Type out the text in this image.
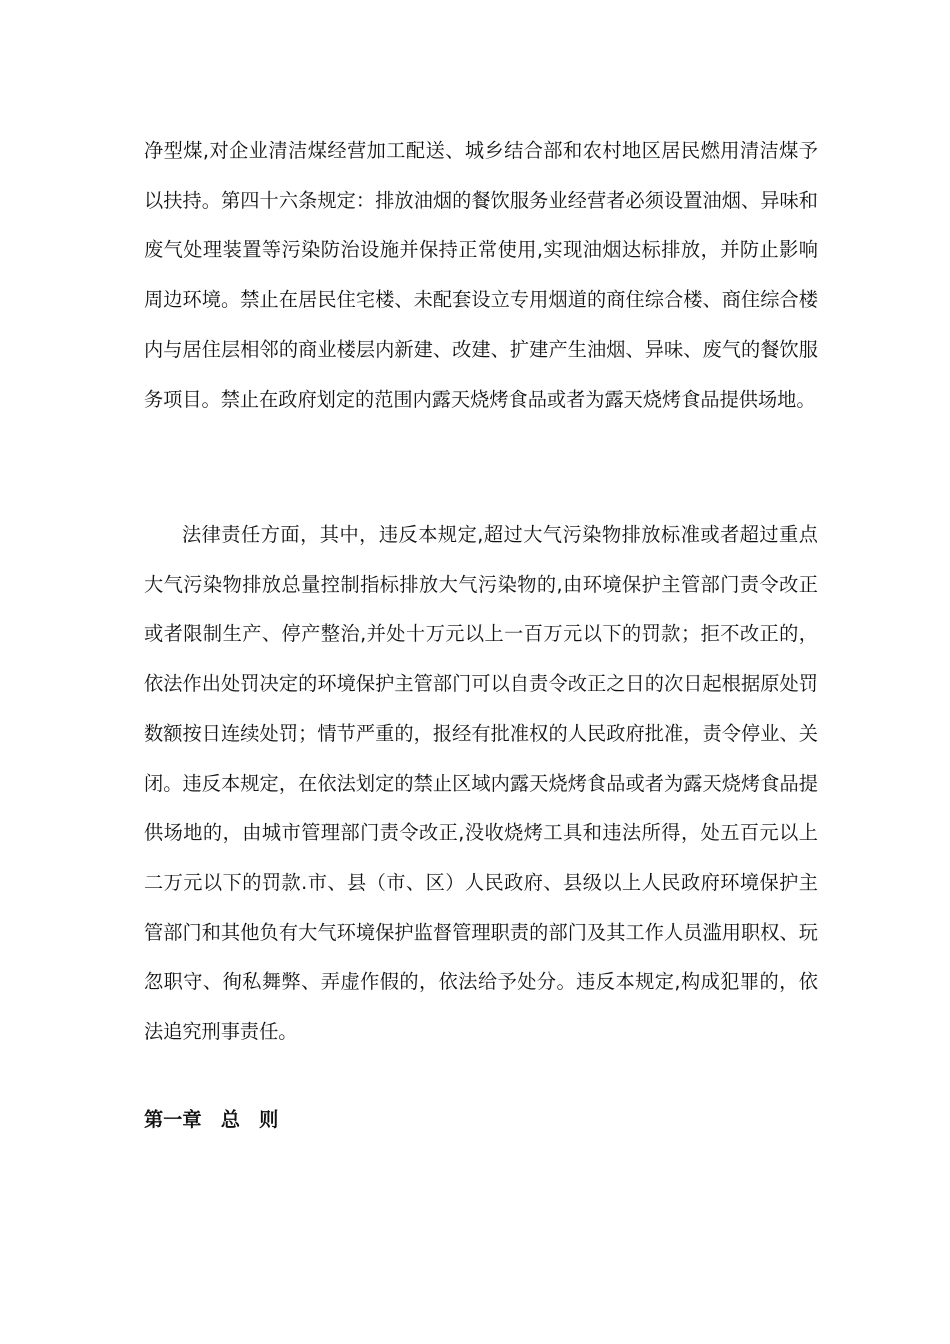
净型煤,对企业清洁煤经营加工配送、城乡结合部和农村地区居民燃用清洁煤予以扶持。第四十六条规定：排放油烟的餐饮服务业经营者必须设置油烟、异味和废气处理装置等污染防治设施并保持正常使用,实现油烟达标排放，并防止影响周边环境。禁止在居民住宅楼、未配套设立专用烟道的商住综合楼、商住综合楼内与居住层相邻的商业楼层内新建、改建、扩建产生油烟、异味、废气的餐饮服务项目。禁止在政府划定的范围内露天烧烤食品或者为露天烧烤食品提供场地。

法律责任方面，其中，违反本规定,超过大气污染物排放标准或者超过重点大气污染物排放总量控制指标排放大气污染物的,由环境保护主管部门责令改正或者限制生产、停产整治,并处十万元以上一百万元以下的罚款；拒不改正的，依法作出处罚决定的环境保护主管部门可以自责令改正之日的次日起根据原处罚数额按日连续处罚；情节严重的，报经有批准权的人民政府批准，责令停业、关闭。违反本规定，在依法划定的禁止区域内露天烧烤食品或者为露天烧烤食品提供场地的，由城市管理部门责令改正,没收烧烤工具和违法所得，处五百元以上二万元以下的罚款.市、县（市、区）人民政府、县级以上人民政府环境保护主管部门和其他负有大气环境保护监督管理职责的部门及其工作人员滥用职权、玩忽职守、徇私舞弊、弄虚作假的，依法给予处分。违反本规定,构成犯罪的，依法追究刑事责任。

第一章　总　则
